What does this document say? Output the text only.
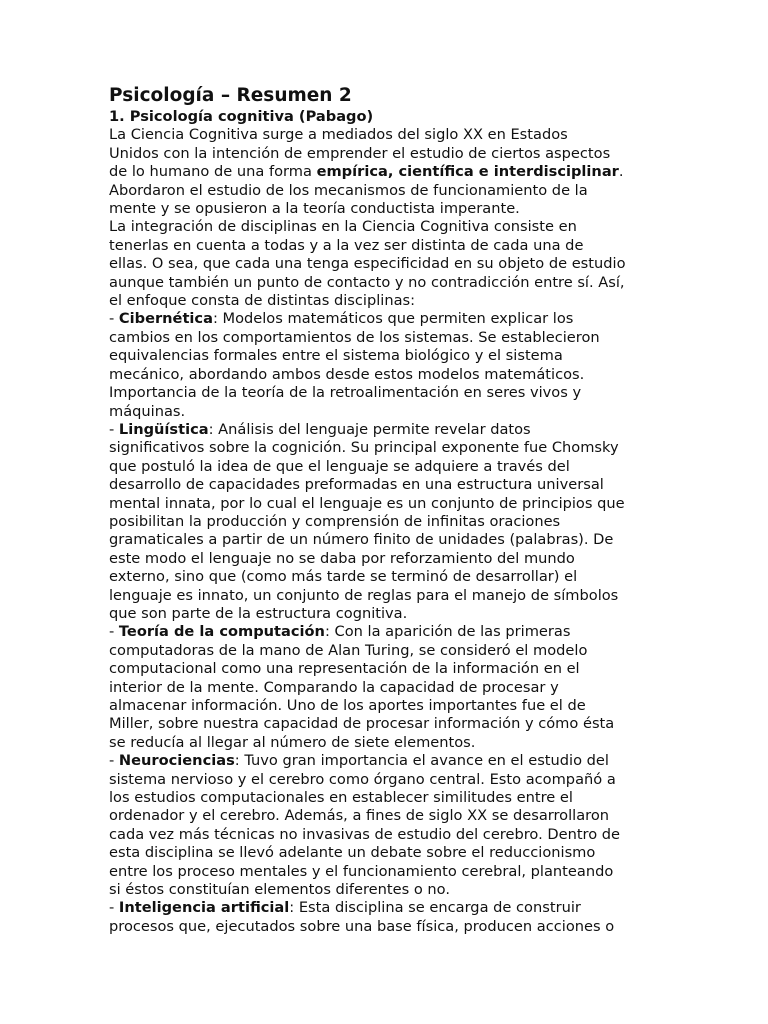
Psicología – Resumen 2
1. Psicología cognitiva (Pabago)

La Ciencia Cognitiva surge a mediados del siglo XX en Estados

Unidos con la intención de emprender el estudio de ciertos aspectos

de lo humano de una forma empírica, científica e interdisciplinar.

Abordaron el estudio de los mecanismos de funcionamiento de la

mente y se opusieron a la teoría conductista imperante.

La integración de disciplinas en la Ciencia Cognitiva consiste en

tenerlas en cuenta a todas y a la vez ser distinta de cada una de

ellas. O sea, que cada una tenga especificidad en su objeto de estudio

aunque también un punto de contacto y no contradicción entre sí. Así,

el enfoque consta de distintas disciplinas:

- Cibernética: Modelos matemáticos que permiten explicar los

cambios en los comportamientos de los sistemas. Se establecieron

equivalencias formales entre el sistema biológico y el sistema

mecánico, abordando ambos desde estos modelos matemáticos.

Importancia de la teoría de la retroalimentación en seres vivos y

máquinas.

- Lingüística: Análisis del lenguaje permite revelar datos

significativos sobre la cognición. Su principal exponente fue Chomsky

que postuló la idea de que el lenguaje se adquiere a través del

desarrollo de capacidades preformadas en una estructura universal

mental innata, por lo cual el lenguaje es un conjunto de principios que

posibilitan la producción y comprensión de infinitas oraciones

gramaticales a partir de un número finito de unidades (palabras). De

este modo el lenguaje no se daba por reforzamiento del mundo

externo, sino que (como más tarde se terminó de desarrollar) el

lenguaje es innato, un conjunto de reglas para el manejo de símbolos

que son parte de la estructura cognitiva.

- Teoría de la computación: Con la aparición de las primeras

computadoras de la mano de Alan Turing, se consideró el modelo

computacional como una representación de la información en el

interior de la mente. Comparando la capacidad de procesar y

almacenar información. Uno de los aportes importantes fue el de

Miller, sobre nuestra capacidad de procesar información y cómo ésta

se reducía al llegar al número de siete elementos.

- Neurociencias: Tuvo gran importancia el avance en el estudio del

sistema nervioso y el cerebro como órgano central. Esto acompañó a

los estudios computacionales en establecer similitudes entre el

ordenador y el cerebro. Además, a fines de siglo XX se desarrollaron

cada vez más técnicas no invasivas de estudio del cerebro. Dentro de

esta disciplina se llevó adelante un debate sobre el reduccionismo

entre los proceso mentales y el funcionamiento cerebral, planteando

si éstos constituían elementos diferentes o no.

- Inteligencia artificial: Esta disciplina se encarga de construir

procesos que, ejecutados sobre una base física, producen acciones o
